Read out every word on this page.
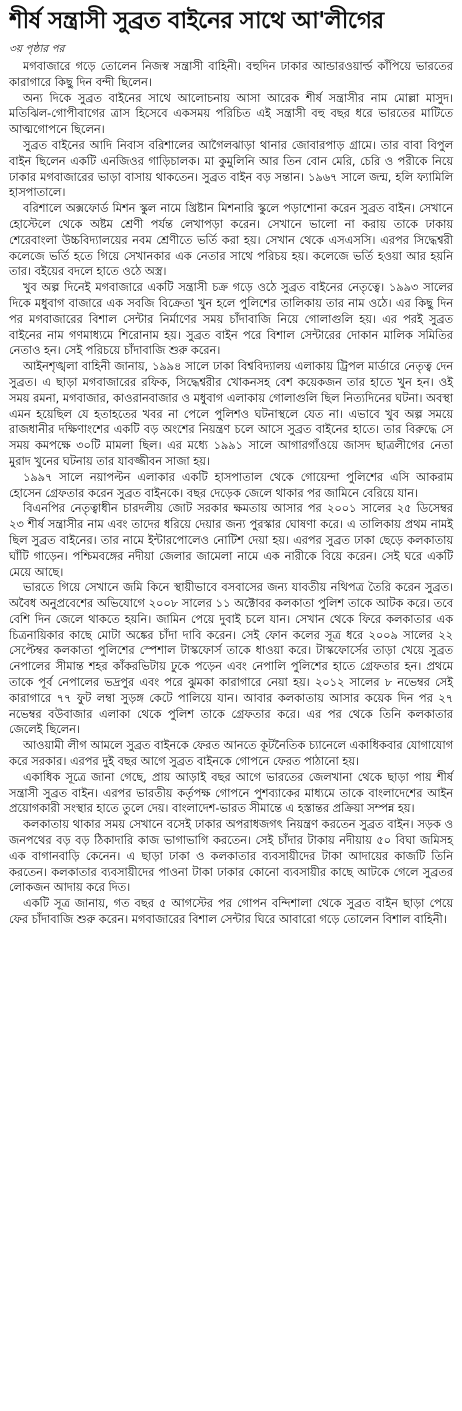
শীর্ষ সন্ত্রাসী সুব্রত বাইনের সাথে আ'লীগের
৩য় পৃষ্ঠার পর

মগবাজারে গড়ে তোলেন নিজস্ব সন্ত্রাসী বাহিনী। বহুদিন ঢাকার আন্ডারওয়ার্ল্ড কাঁপিয়ে ভারতের কারাগারে কিছু দিন বন্দী ছিলেন।

অন্য দিকে সুব্রত বাইনের সাথে আলোচনায় আসা আরেক শীর্ষ সন্ত্রাসীর নাম মোল্লা মাসুদ। মতিঝিল-গোপীবাগের ত্রাস হিসেবে একসময় পরিচিত এই সন্ত্রাসী বহু বছর ধরে ভারতের মাটিতে আত্মগোপনে ছিলেন।

সুব্রত বাইনের আদি নিবাস বরিশালের আগৈলঝাড়া থানার জোবারপাড় গ্রামে। তার বাবা বিপুল বাইন ছিলেন একটি এনজিওর গাড়িচালক। মা কুমুলিনি আর তিন বোন মেরি, চেরি ও পরীকে নিয়ে ঢাকার মগবাজারের ভাড়া বাসায় থাকতেন। সুব্রত বাইন বড় সন্তান। ১৯৬৭ সালে জন্ম, হলি ফ্যামিলি হাসপাতালে।

বরিশালে অক্সফোর্ড মিশন স্কুল নামে খ্রিষ্টান মিশনারি স্কুলে পড়াশোনা করেন সুব্রত বাইন। সেখানে হোস্টেলে থেকে অষ্টম শ্রেণী পর্যন্ত লেখাপড়া করেন। সেখানে ভালো না করায় তাকে ঢাকায় শেরেবাংলা উচ্চবিদ্যালয়ের নবম শ্রেণীতে ভর্তি করা হয়। সেখান থেকে এসএসসি। এরপর সিদ্ধেশ্বরী কলেজে ভর্তি হতে গিয়ে সেখানকার এক নেতার সাথে পরিচয় হয়। কলেজে ভর্তি হওয়া আর হয়নি তার। বইয়ের বদলে হাতে ওঠে অস্ত্র।

খুব অল্প দিনেই মগবাজারে একটি সন্ত্রাসী চক্র গড়ে ওঠে সুব্রত বাইনের নেতৃত্বে। ১৯৯৩ সালের দিকে মধুবাগ বাজারে এক সবজি বিক্রেতা খুন হলে পুলিশের তালিকায় তার নাম ওঠে। এর কিছু দিন পর মগবাজারের বিশাল সেন্টার নির্মাণের সময় চাঁদাবাজি নিয়ে গোলাগুলি হয়। এর পরই সুব্রত বাইনের নাম গণমাধ্যমে শিরোনাম হয়। সুব্রত বাইন পরে বিশাল সেন্টারের দোকান মালিক সমিতির নেতাও হন। সেই পরিচয়ে চাঁদাবাজি শুরু করেন।

আইনশৃঙ্খলা বাহিনী জানায়, ১৯৯৪ সালে ঢাকা বিশ্ববিদ্যালয় এলাকায় ট্রিপল মার্ডারে নেতৃত্ব দেন সুব্রত। এ ছাড়া মগবাজারের রফিক, সিদ্ধেশ্বরীর খোকনসহ বেশ কয়েকজন তার হাতে খুন হন। ওই সময় রমনা, মগবাজার, কাওরানবাজার ও মধুবাগ এলাকায় গোলাগুলি ছিল নিত্যদিনের ঘটনা। অবস্থা এমন হয়েছিল যে হতাহতের খবর না পেলে পুলিশও ঘটনাস্থলে যেত না। এভাবে খুব অল্প সময়ে রাজধানীর দক্ষিণাংশের একটি বড় অংশের নিয়ন্ত্রণ চলে আসে সুব্রত বাইনের হাতে। তার বিরুদ্ধে সে সময় কমপক্ষে ৩০টি মামলা ছিল। এর মধ্যে ১৯৯১ সালে আগারগাঁওয়ে জাসদ ছাত্রলীগের নেতা মুরাদ খুনের ঘটনায় তার যাবজ্জীবন সাজা হয়।

১৯৯৭ সালে নয়াপল্টন এলাকার একটি হাসপাতাল থেকে গোয়েন্দা পুলিশের এসি আকরাম হোসেন গ্রেফতার করেন সুব্রত বাইনকে। বছর দেড়েক জেলে থাকার পর জামিনে বেরিয়ে যান।

বিএনপির নেতৃত্বাধীন চারদলীয় জোট সরকার ক্ষমতায় আসার পর ২০০১ সালের ২৫ ডিসেম্বর ২৩ শীর্ষ সন্ত্রাসীর নাম এবং তাদের ধরিয়ে দেয়ার জন্য পুরস্কার ঘোষণা করে। এ তালিকায় প্রথম নামই ছিল সুব্রত বাইনের। তার নামে ইন্টারপোলেও নোটিশ দেয়া হয়। এরপর সুব্রত ঢাকা ছেড়ে কলকাতায় ঘাঁটি গাড়েন। পশ্চিমবঙ্গের নদীয়া জেলার জামেলা নামে এক নারীকে বিয়ে করেন। সেই ঘরে একটি মেয়ে আছে।

ভারতে গিয়ে সেখানে জমি কিনে স্থায়ীভাবে বসবাসের জন্য যাবতীয় নথিপত্র তৈরি করেন সুব্রত। অবৈধ অনুপ্রবেশের অভিযোগে ২০০৮ সালের ১১ অক্টোবর কলকাতা পুলিশ তাকে আটক করে। তবে বেশি দিন জেলে থাকতে হয়নি। জামিন পেয়ে দুবাই চলে যান। সেখান থেকে ফিরে কলকাতার এক চিত্রনায়িকার কাছে মোটা অঙ্কের চাঁদা দাবি করেন। সেই ফোন কলের সূত্র ধরে ২০০৯ সালের ২২ সেপ্টেম্বর কলকাতা পুলিশের স্পেশাল টাস্কফোর্স তাকে ধাওয়া করে। টাস্কফোর্সের তাড়া খেয়ে সুব্রত নেপালের সীমান্ত শহর কাঁকরভিটায় ঢুকে পড়েন এবং নেপালি পুলিশের হাতে গ্রেফতার হন। প্রথমে তাকে পূর্ব নেপালের ভদ্রপুর এবং পরে ঝুমকা কারাগারে নেয়া হয়। ২০১২ সালের ৮ নভেম্বর সেই কারাগারে ৭৭ ফুট লম্বা সুড়ঙ্গ কেটে পালিয়ে যান। আবার কলকাতায় আসার কয়েক দিন পর ২৭ নভেম্বর বউবাজার এলাকা থেকে পুলিশ তাকে গ্রেফতার করে। এর পর থেকে তিনি কলকাতার জেলেই ছিলেন।

আওয়ামী লীগ আমলে সুব্রত বাইনকে ফেরত আনতে কূটনৈতিক চ্যানেলে একাধিকবার যোগাযোগ করে সরকার। এরপর দুই বছর আগে সুব্রত বাইনকে গোপনে ফেরত পাঠানো হয়।

একাধিক সূত্রে জানা গেছে, প্রায় আড়াই বছর আগে ভারতের জেলখানা থেকে ছাড়া পায় শীর্ষ সন্ত্রাসী সুব্রত বাইন। এরপর ভারতীয় কর্তৃপক্ষ গোপনে পুশব্যাকের মাধ্যমে তাকে বাংলাদেশের আইন প্রয়োগকারী সংস্থার হাতে তুলে দেয়। বাংলাদেশ-ভারত সীমান্তে এ হস্তান্তর প্রক্রিয়া সম্পন্ন হয়।

কলকাতায় থাকার সময় সেখানে বসেই ঢাকার অপরাধজগৎ নিয়ন্ত্রণ করতেন সুব্রত বাইন। সড়ক ও জনপথের বড় বড় ঠিকাদারি কাজ ভাগাভাগি করতেন। সেই চাঁদার টাকায় নদীয়ায় ৫০ বিঘা জমিসহ এক বাগানবাড়ি কেনেন। এ ছাড়া ঢাকা ও কলকাতার ব্যবসায়ীদের টাকা আদায়ের কাজটি তিনি করতেন। কলকাতার ব্যবসায়ীদের পাওনা টাকা ঢাকার কোনো ব্যবসায়ীর কাছে আটকে গেলে সুব্রতর লোকজন আদায় করে দিত।

একটি সূত্র জানায়, গত বছর ৫ আগস্টের পর গোপন বন্দিশালা থেকে সুব্রত বাইন ছাড়া পেয়ে ফের চাঁদাবাজি শুরু করেন। মগবাজারের বিশাল সেন্টার ঘিরে আবারো গড়ে তোলেন বিশাল বাহিনী।
